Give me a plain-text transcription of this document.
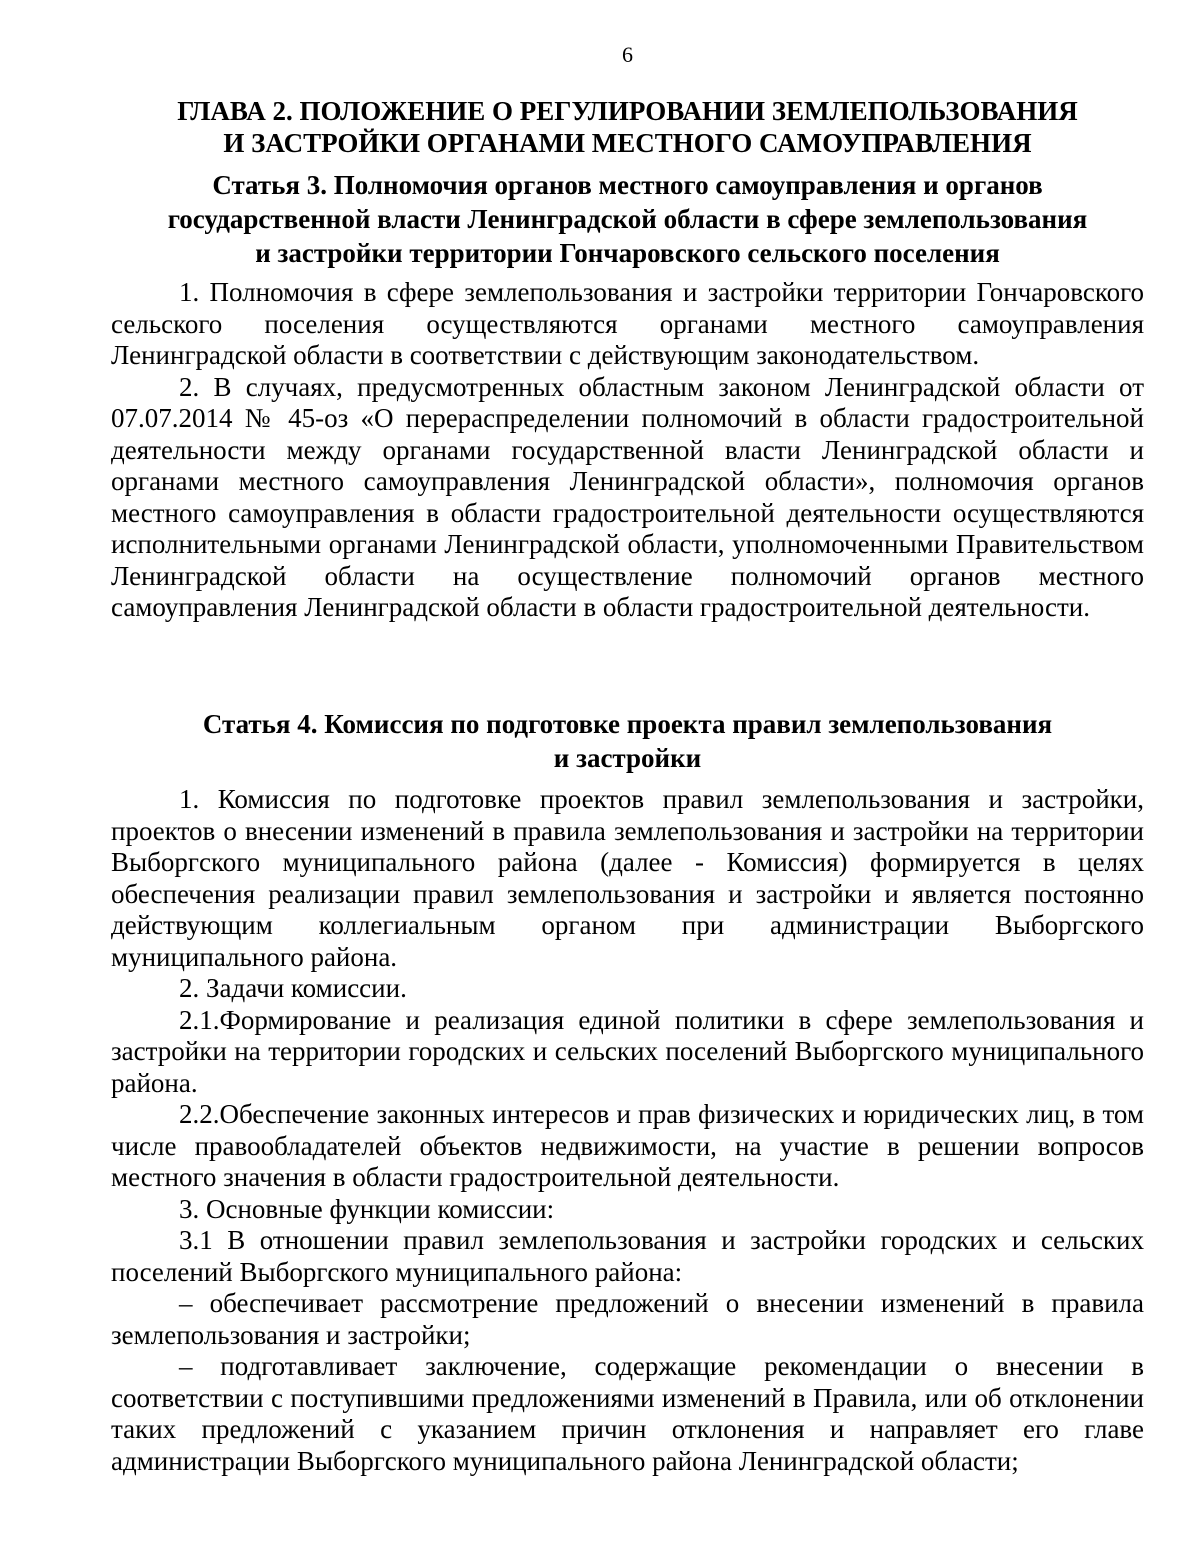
6
ГЛАВА 2. ПОЛОЖЕНИЕ О РЕГУЛИРОВАНИИ ЗЕМЛЕПОЛЬЗОВАНИЯ
И ЗАСТРОЙКИ ОРГАНАМИ МЕСТНОГО САМОУПРАВЛЕНИЯ
Статья 3. Полномочия органов местного самоуправления и органов
государственной власти Ленинградской области в сфере землепользования
и застройки территории Гончаровского сельского поселения

1. Полномочия в сфере землепользования и застройки территории Гончаровского сельского поселения осуществляются органами местного самоуправления Ленинградской области в соответствии с действующим законодательством.

2. В случаях, предусмотренных областным законом Ленинградской области от 07.07.2014 № 45-оз «О перераспределении полномочий в области градостроительной деятельности между органами государственной власти Ленинградской области и органами местного самоуправления Ленинградской области», полномочия органов местного самоуправления в области градостроительной деятельности осуществляются исполнительными органами Ленинградской области, уполномоченными Правительством Ленинградской области на осуществление полномочий органов местного самоуправления Ленинградской области в области градостроительной деятельности.

Статья 4. Комиссия по подготовке проекта правил землепользования
и застройки

1. Комиссия по подготовке проектов правил землепользования и застройки, проектов о внесении изменений в правила землепользования и застройки на территории Выборгского муниципального района (далее - Комиссия) формируется в целях обеспечения реализации правил землепользования и застройки и является постоянно действующим коллегиальным органом при администрации Выборгского муниципального района.

2. Задачи комиссии.

2.1.Формирование и реализация единой политики в сфере землепользования и застройки на территории городских и сельских поселений Выборгского муниципального района.

2.2.Обеспечение законных интересов и прав физических и юридических лиц, в том числе правообладателей объектов недвижимости, на участие в решении вопросов местного значения в области градостроительной деятельности.

3. Основные функции комиссии:

3.1 В отношении правил землепользования и застройки городских и сельских поселений Выборгского муниципального района:

– обеспечивает рассмотрение предложений о внесении изменений в правила землепользования и застройки;

– подготавливает заключение, содержащие рекомендации о внесении в соответствии с поступившими предложениями изменений в Правила, или об отклонении таких предложений с указанием причин отклонения и направляет его главе администрации Выборгского муниципального района Ленинградской области;
